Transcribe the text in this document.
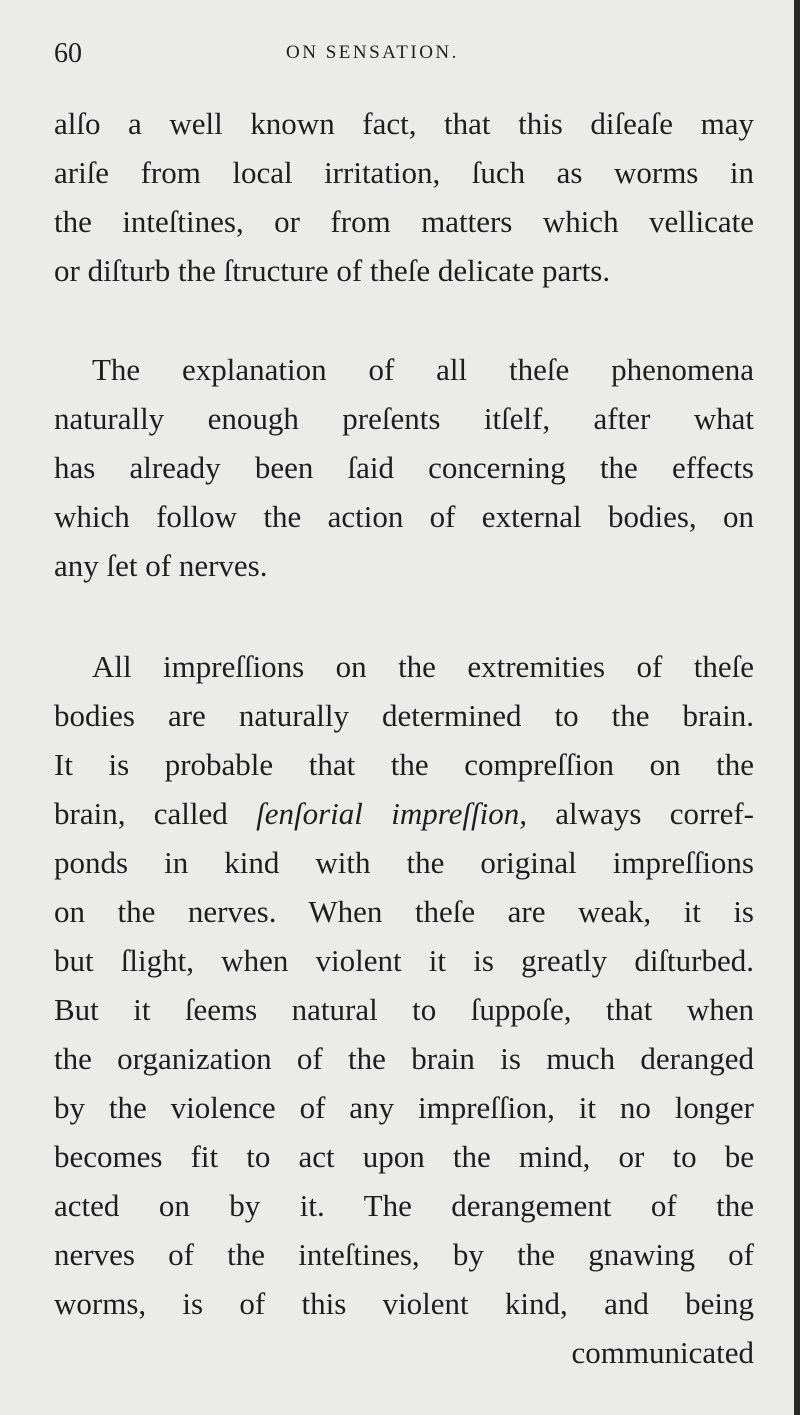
60	ON SENSATION.
alſo a well known fact, that this diſeaſe may
ariſe from local irritation, ſuch as worms in
the inteſtines, or from matters which vellicate
or diſturb the ſtructure of theſe delicate parts.
The explanation of all theſe phenomena
naturally enough preſents itſelf, after what
has already been ſaid concerning the effects
which follow the action of external bodies, on
any ſet of nerves.
All impreſſions on the extremities of theſe
bodies are naturally determined to the brain.
It is probable that the compreſſion on the
brain, called ſenſorial impreſſion, always corref-
ponds in kind with the original impreſſions
on the nerves. When theſe are weak, it is
but ſlight, when violent it is greatly diſturbed.
But it ſeems natural to ſuppoſe, that when
the organization of the brain is much deranged
by the violence of any impreſſion, it no longer
becomes fit to act upon the mind, or to be
acted on by it. The derangement of the
nerves of the inteſtines, by the gnawing of
worms, is of this violent kind, and being
communicated
